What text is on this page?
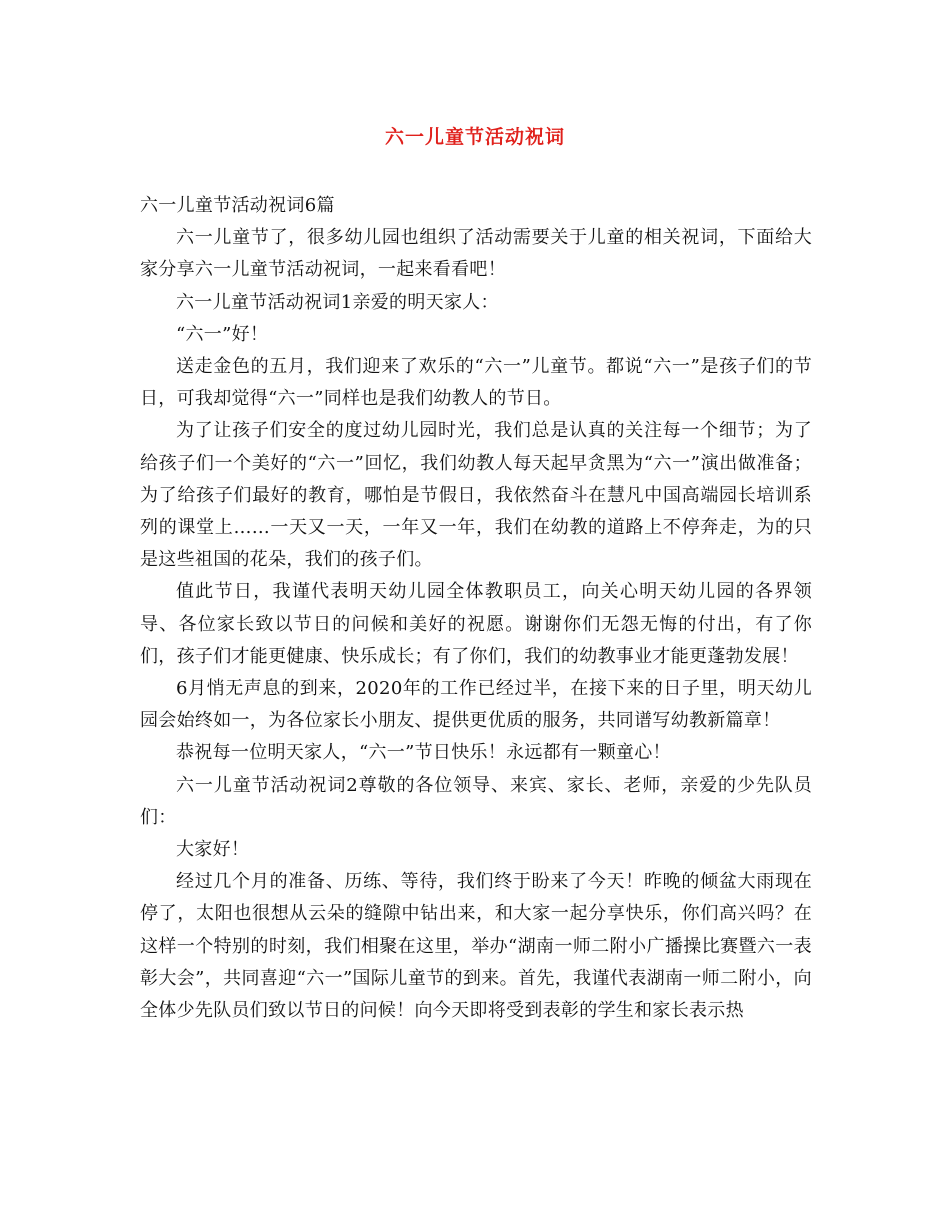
六一儿童节活动祝词

六一儿童节活动祝词6篇

六一儿童节了，很多幼儿园也组织了活动需要关于儿童的相关祝词，下面给大家分享六一儿童节活动祝词，一起来看看吧！

六一儿童节活动祝词1亲爱的明天家人：

“六一”好！

送走金色的五月，我们迎来了欢乐的“六一”儿童节。都说“六一”是孩子们的节日，可我却觉得“六一”同样也是我们幼教人的节日。

为了让孩子们安全的度过幼儿园时光，我们总是认真的关注每一个细节；为了给孩子们一个美好的“六一”回忆，我们幼教人每天起早贪黑为“六一”演出做准备；为了给孩子们最好的教育，哪怕是节假日，我依然奋斗在慧凡中国高端园长培训系列的课堂上……一天又一天，一年又一年，我们在幼教的道路上不停奔走，为的只是这些祖国的花朵，我们的孩子们。

值此节日，我谨代表明天幼儿园全体教职员工，向关心明天幼儿园的各界领导、各位家长致以节日的问候和美好的祝愿。谢谢你们无怨无悔的付出，有了你们，孩子们才能更健康、快乐成长；有了你们，我们的幼教事业才能更蓬勃发展！

6月悄无声息的到来，2020年的工作已经过半，在接下来的日子里，明天幼儿园会始终如一，为各位家长小朋友、提供更优质的服务，共同谱写幼教新篇章！

恭祝每一位明天家人，“六一”节日快乐！永远都有一颗童心！

六一儿童节活动祝词2尊敬的各位领导、来宾、家长、老师，亲爱的少先队员们：

大家好！

经过几个月的准备、历练、等待，我们终于盼来了今天！昨晚的倾盆大雨现在停了，太阳也很想从云朵的缝隙中钻出来，和大家一起分享快乐，你们高兴吗？在这样一个特别的时刻，我们相聚在这里，举办“湖南一师二附小广播操比赛暨六一表彰大会”，共同喜迎“六一”国际儿童节的到来。首先，我谨代表湖南一师二附小，向全体少先队员们致以节日的问候！向今天即将受到表彰的学生和家长表示热
